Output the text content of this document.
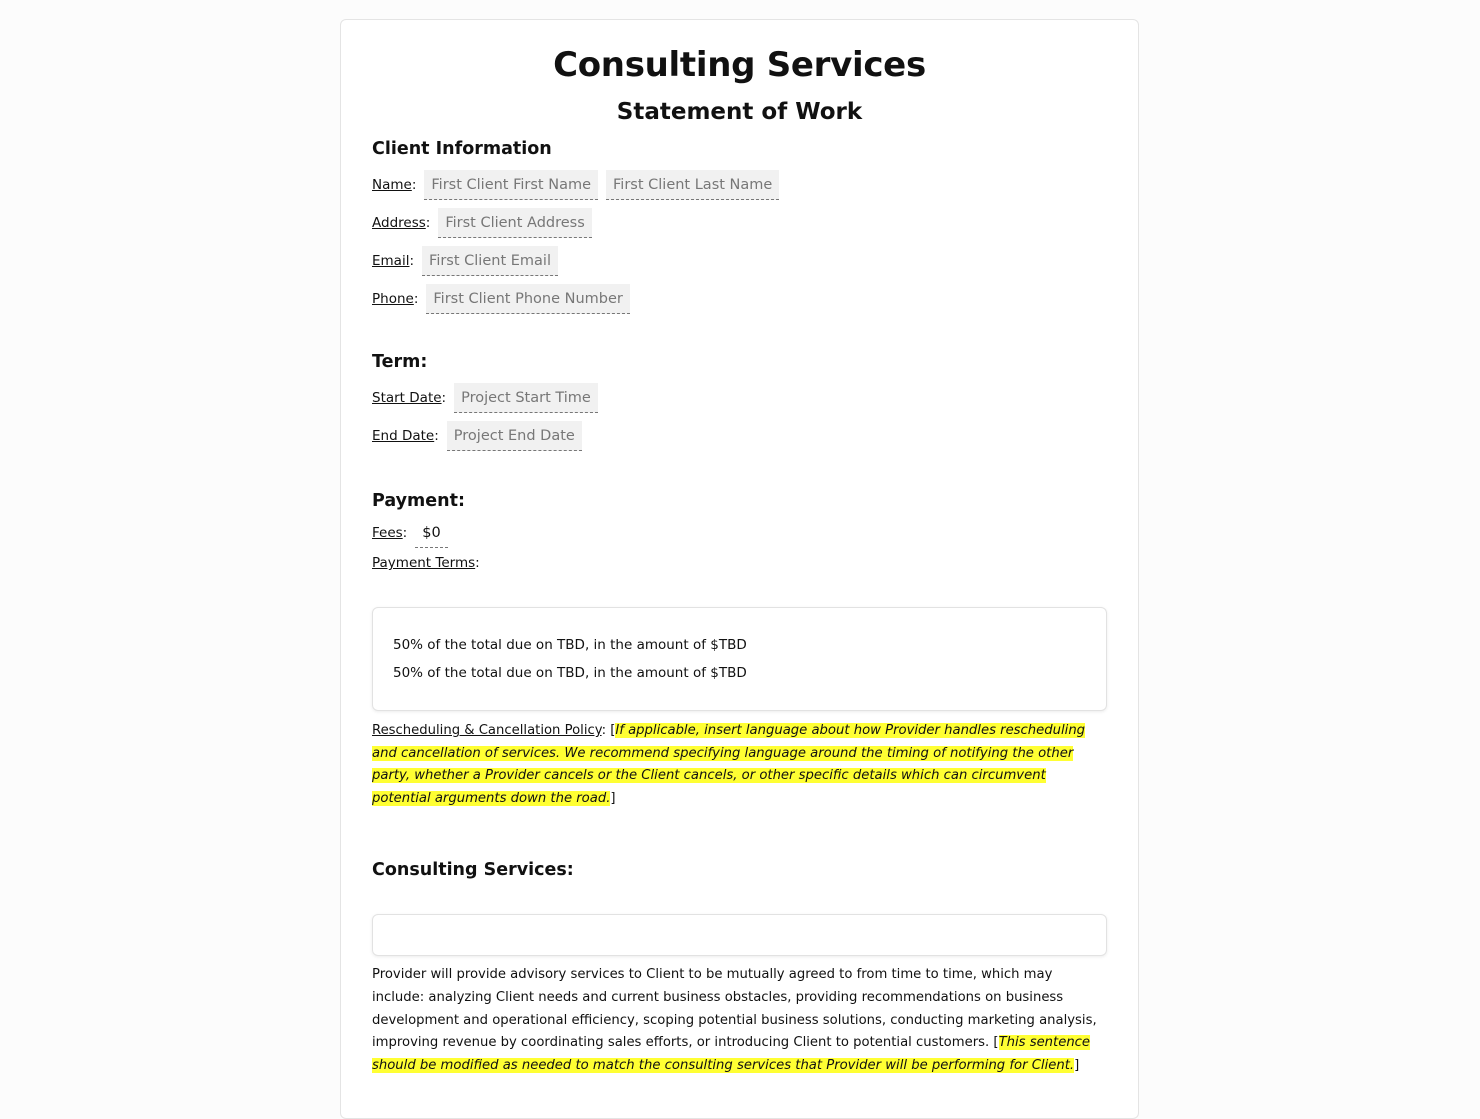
Consulting Services
Statement of Work
Client Information
Name :	First Client First Name	First Client Last Name
Address :	First Client Address
Email :	First Client Email
Phone :	First Client Phone Number
Term:
Start Date :	Project Start Time
End Date :	Project End Date
Payment:
Fees :	$0
Payment Terms :
50% of the total due on TBD, in the amount of $TBD
50% of the total due on TBD, in the amount of $TBD
Rescheduling & Cancellation Policy: [If applicable, insert language about how Provider handles rescheduling and cancellation of services. We recommend specifying language around the timing of notifying the other party, whether a Provider cancels or the Client cancels, or other specific details which can circumvent potential arguments down the road.]
Consulting Services:
Provider will provide advisory services to Client to be mutually agreed to from time to time, which may include: analyzing Client needs and current business obstacles, providing recommendations on business development and operational efficiency, scoping potential business solutions, conducting marketing analysis, improving revenue by coordinating sales efforts, or introducing Client to potential customers. [This sentence should be modified as needed to match the consulting services that Provider will be performing for Client.]
